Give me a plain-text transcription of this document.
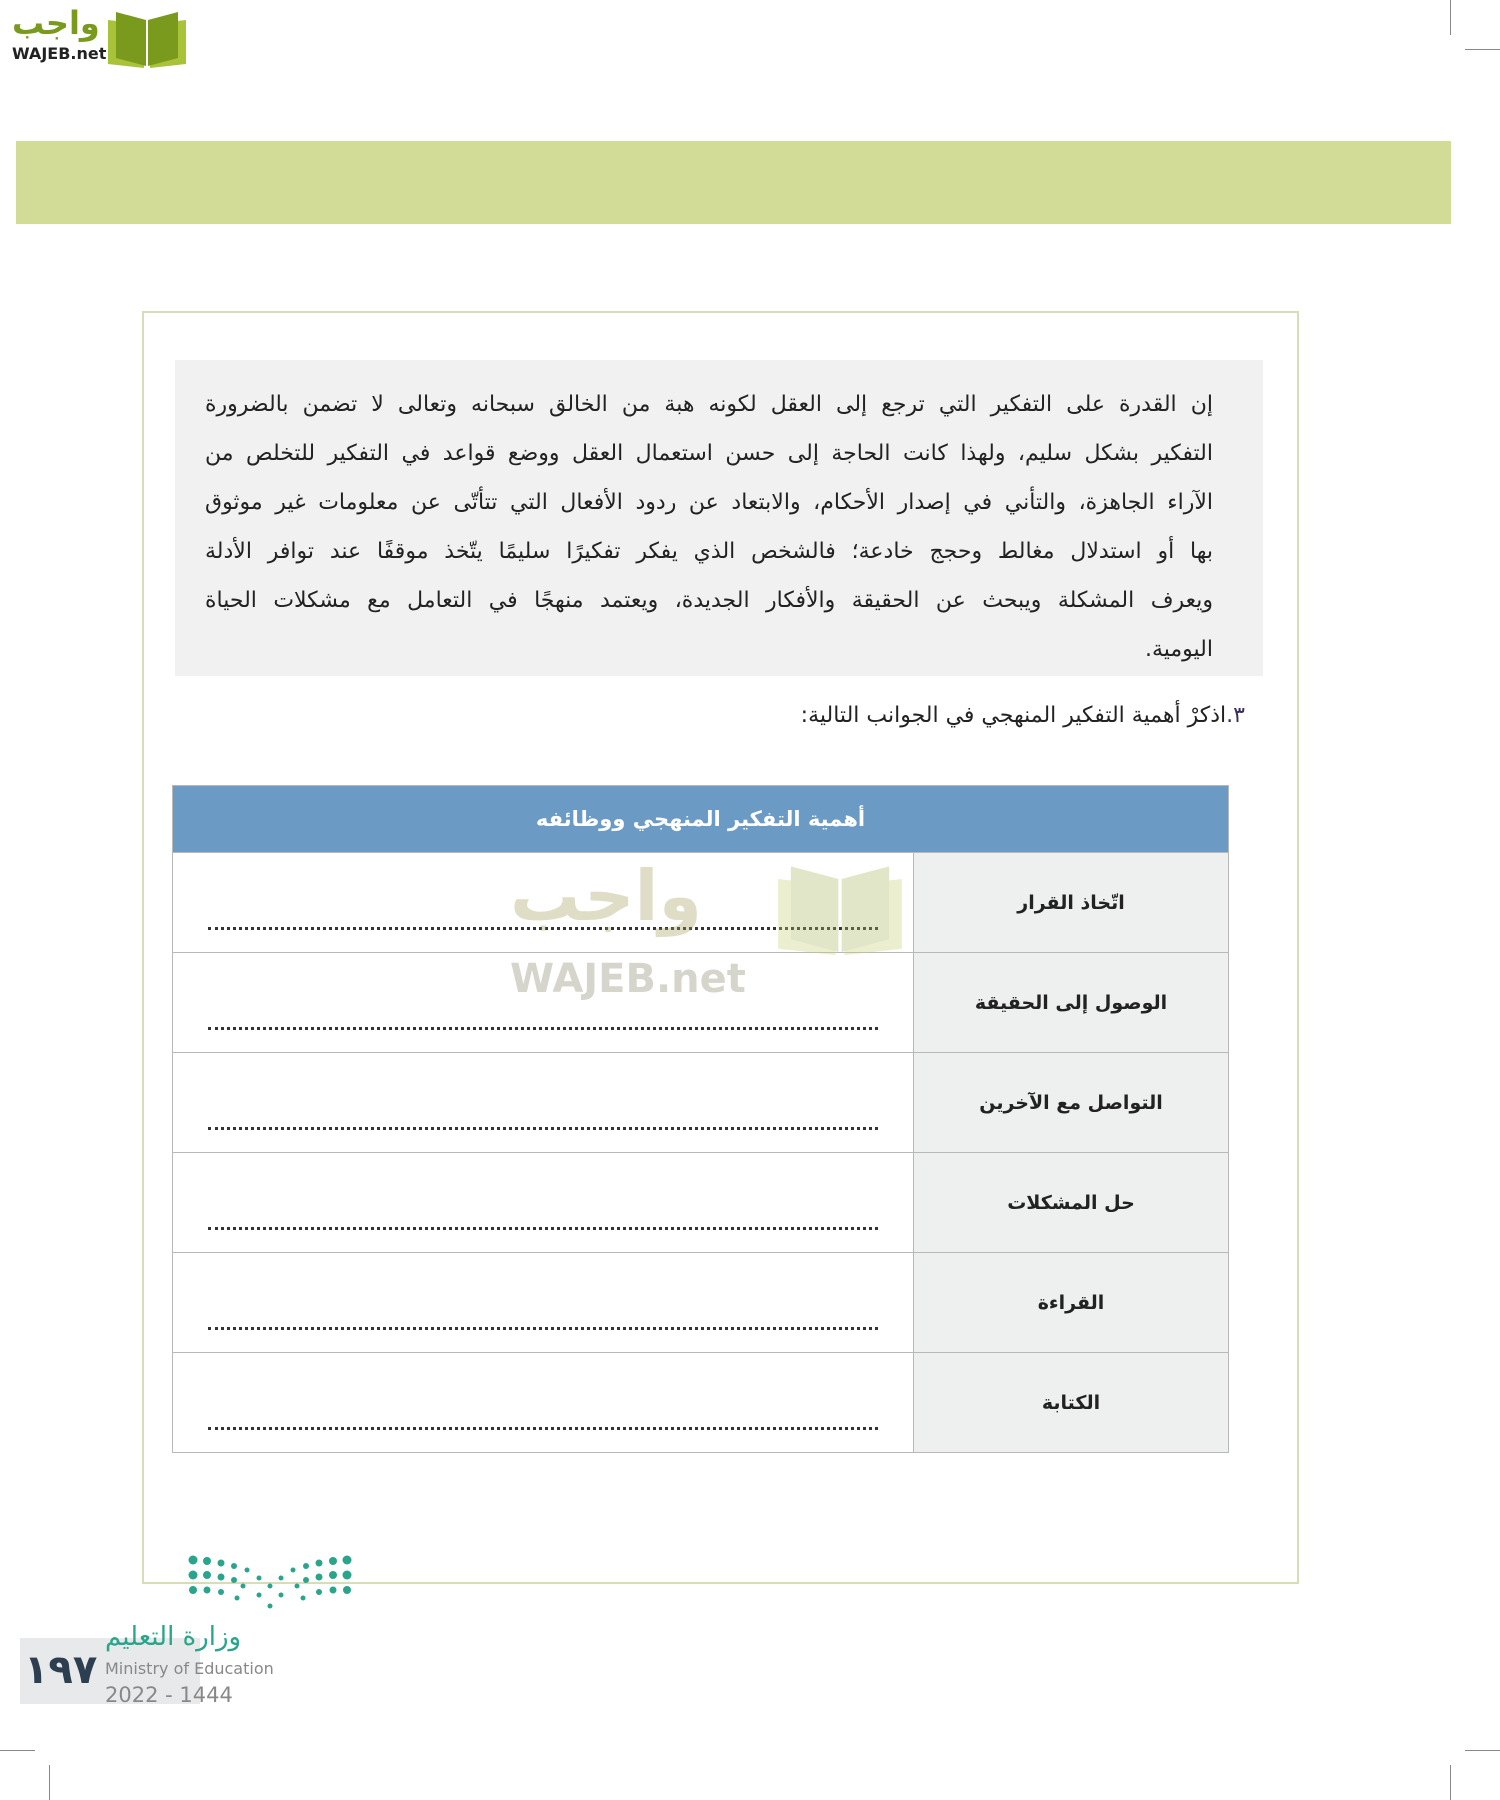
واجب
WAJEB.net
إن القدرة على التفكير التي ترجع إلى العقل لكونه هبة من الخالق سبحانه وتعالى لا تضمن بالضرورة
التفكير بشكل سليم، ولهذا كانت الحاجة إلى حسن استعمال العقل ووضع قواعد في التفكير للتخلص من
الآراء الجاهزة، والتأني في إصدار الأحكام، والابتعاد عن ردود الأفعال التي تتأتّى عن معلومات غير موثوق
بها أو استدلال مغالط وحجج خادعة؛ فالشخص الذي يفكر تفكيرًا سليمًا يتّخذ موقفًا عند توافر الأدلة
ويعرف المشكلة ويبحث عن الحقيقة والأفكار الجديدة، ويعتمد منهجًا في التعامل مع مشكلات الحياة
اليومية.
٣.اذكرْ أهمية التفكير المنهجي في الجوانب التالية:
أهمية التفكير المنهجي ووظائفه
اتّخاذ القرار
الوصول إلى الحقيقة
التواصل مع الآخرين
حل المشكلات
القراءة
الكتابة
واجب
WAJEB.net
١٩٧
وزارة التعليم
Ministry of Education
2022 - 1444
